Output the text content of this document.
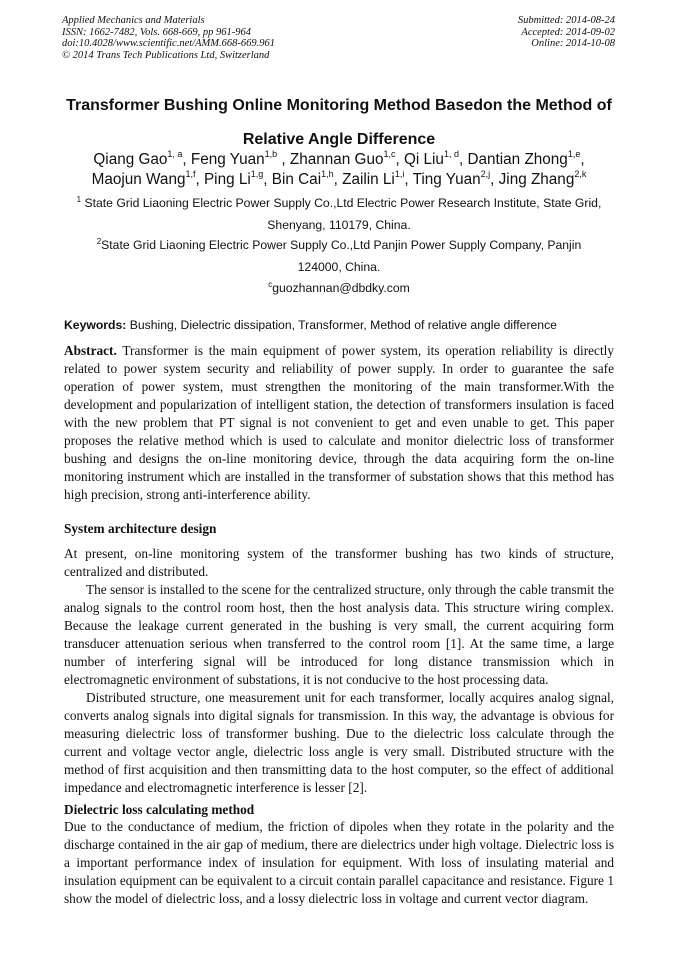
Applied Mechanics and Materials
ISSN: 1662-7482, Vols. 668-669, pp 961-964
doi:10.4028/www.scientific.net/AMM.668-669.961
© 2014 Trans Tech Publications Ltd, Switzerland
Submitted: 2014-08-24
Accepted: 2014-09-02
Online: 2014-10-08
Transformer Bushing Online Monitoring Method Basedon the Method of
Relative Angle Difference
Qiang Gao$^{1, a}$, Feng Yuan$^{1,b}$ , Zhannan Guo$^{1,c}$, Qi Liu$^{1, d}$, Dantian Zhong$^{1,e}$,
Maojun Wang$^{1,f}$, Ping Li$^{1,g}$, Bin Cai$^{1,h}$, Zailin Li$^{1,i}$, Ting Yuan$^{2,j}$, Jing Zhang$^{2,k}$
$^1$ State Grid Liaoning Electric Power Supply Co.,Ltd Electric Power Research Institute, State Grid,
Shenyang, 110179, China.
$^2$State Grid Liaoning Electric Power Supply Co.,Ltd Panjin Power Supply Company, Panjin
124000, China.
$^c$guozhannan@dbdky.com
Keywords: Bushing, Dielectric dissipation, Transformer, Method of relative angle difference

Abstract. Transformer is the main equipment of power system, its operation reliability is directly related to power system security and reliability of power supply. In order to guarantee the safe operation of power system, must strengthen the monitoring of the main transformer.With the development and popularization of intelligent station, the detection of transformers insulation is faced with the new problem that PT signal is not convenient to get and even unable to get. This paper proposes the relative method which is used to calculate and monitor dielectric loss of transformer bushing and designs the on-line monitoring device, through the data acquiring form the on-line monitoring instrument which are installed in the transformer of substation shows that this method has high precision, strong anti-interference ability.

System architecture design

At present, on-line monitoring system of the transformer bushing has two kinds of structure, centralized and distributed.

The sensor is installed to the scene for the centralized structure, only through the cable transmit the analog signals to the control room host, then the host analysis data. This structure wiring complex. Because the leakage current generated in the bushing is very small, the current acquiring form transducer attenuation serious when transferred to the control room [1]. At the same time, a large number of interfering signal will be introduced for long distance transmission which in electromagnetic environment of substations, it is not conducive to the host processing data.

Distributed structure, one measurement unit for each transformer, locally acquires analog signal, converts analog signals into digital signals for transmission. In this way, the advantage is obvious for measuring dielectric loss of transformer bushing. Due to the dielectric loss calculate through the current and voltage vector angle, dielectric loss angle is very small. Distributed structure with the method of first acquisition and then transmitting data to the host computer, so the effect of additional impedance and electromagnetic interference is lesser [2].

Dielectric loss calculating method

Due to the conductance of medium, the friction of dipoles when they rotate in the polarity and the discharge contained in the air gap of medium, there are dielectrics under high voltage. Dielectric loss is a important performance index of insulation for equipment. With loss of insulating material and insulation equipment can be equivalent to a circuit contain parallel capacitance and resistance. Figure 1 show the model of dielectric loss, and a lossy dielectric loss in voltage and current vector diagram.
